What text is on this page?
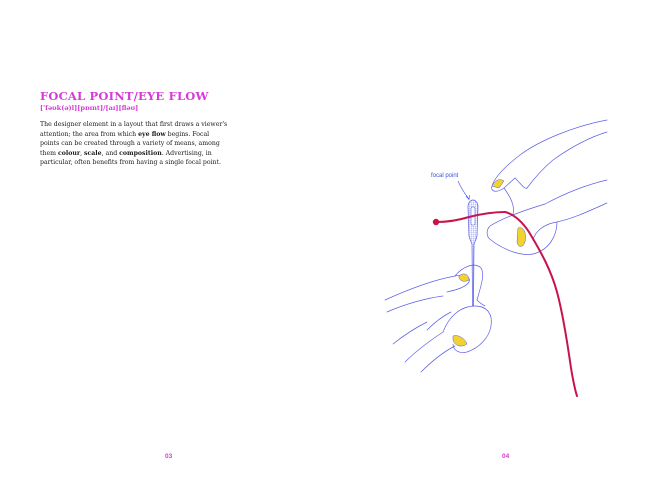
FOCAL POINT/EYE FLOW
['fəʊk(ə)l][pɒɪnt]/[aɪ][fləʊ]

The designer element in a layout that first draws a viewer's attention; the area from which eye flow begins. Focal points can be created through a variety of means, among them colour, scale, and composition. Advertising, in particular, often benefits from having a single focal point.

03	04
focal point
